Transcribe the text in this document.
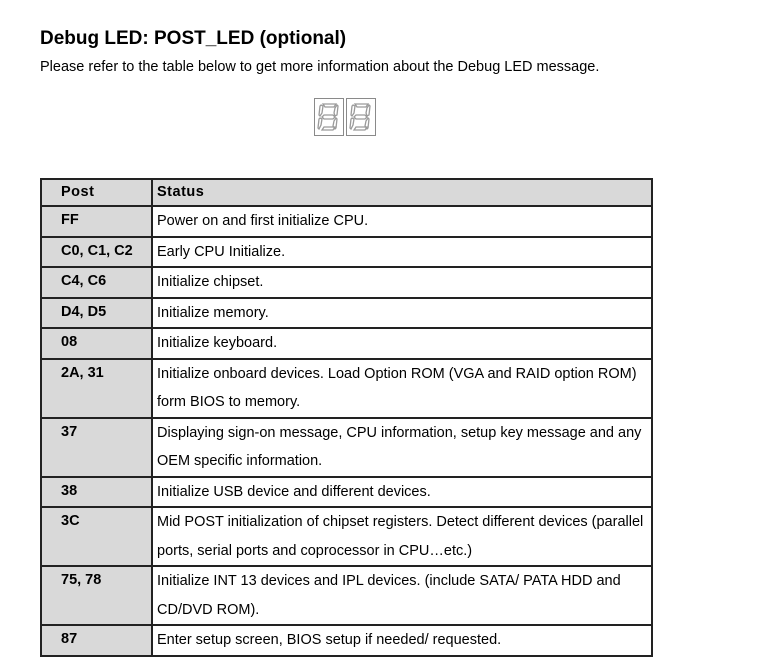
Debug LED: POST_LED (optional)

Please refer to the table below to get more information about the Debug LED message.

Post	Status
FF	Power on and first initialize CPU.
C0, C1, C2	Early CPU Initialize.
C4, C6	Initialize chipset.
D4, D5	Initialize memory.
08	Initialize keyboard.
2A, 31	Initialize onboard devices. Load Option ROM (VGA and RAID option ROM) form BIOS to memory.
37	Displaying sign-on message, CPU information, setup key message and any OEM specific information.
38	Initialize USB device and different devices.
3C	Mid POST initialization of chipset registers. Detect different devices (parallel ports, serial ports and coprocessor in CPU…etc.)
75, 78	Initialize INT 13 devices and IPL devices. (include SATA/ PATA HDD and CD/DVD ROM).
87	Enter setup screen, BIOS setup if needed/ requested.
